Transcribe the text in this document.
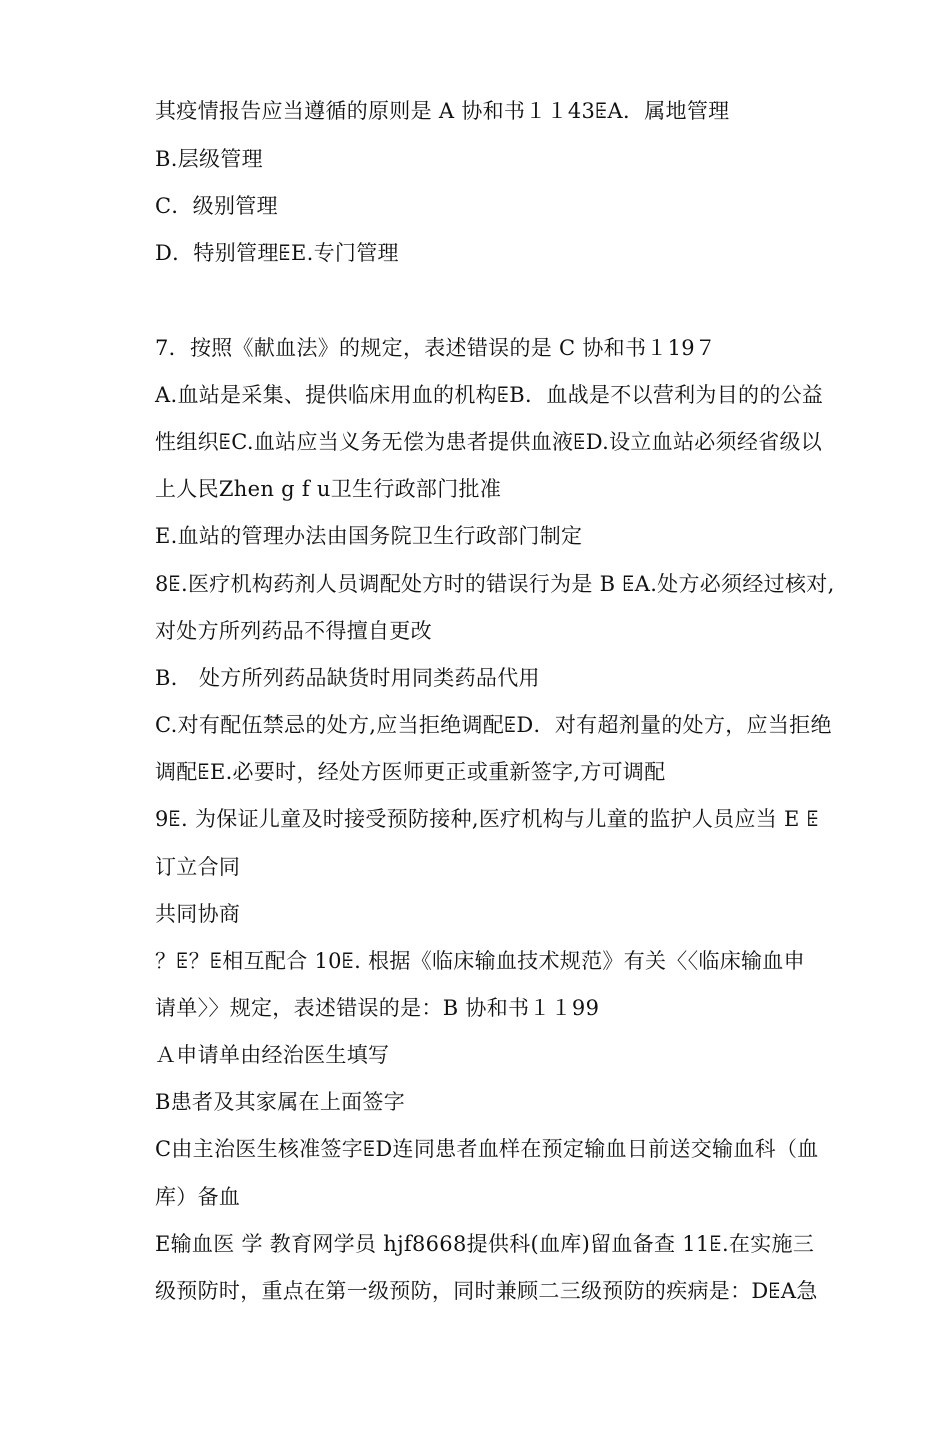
其疫情报告应当遵循的原则是 A 协和书１１43ꗍA．属地管理
B.层级管理
C．级别管理
D．特别管理ꗍE.专门管理
7．按照《献血法》的规定，表述错误的是 C 协和书１19７
A.血站是采集、提供临床用血的机构ꗍB．血战是不以营利为目的的公益
性组织ꗍC.血站应当义务无偿为患者提供血液ꗍD.设立血站必须经省级以
上人民Zhen g f u卫生行政部门批准
E.血站的管理办法由国务院卫生行政部门制定
8ꗍ.医疗机构药剂人员调配处方时的错误行为是 B ꗍA.处方必须经过核对,
对处方所列药品不得擅自更改
B． 处方所列药品缺货时用同类药品代用
C.对有配伍禁忌的处方,应当拒绝调配ꗍD．对有超剂量的处方，应当拒绝
调配ꗍE.必要时，经处方医师更正或重新签字,方可调配
9ꗍ. 为保证儿童及时接受预防接种,医疗机构与儿童的监护人员应当 E ꗍ
订立合同
共同协商
？ꗍ？ꗍ相互配合 10ꗍ. 根据《临床输血技术规范》有关〈〈临床输血申
请单〉〉规定，表述错误的是：B 协和书１１99
Ａ申请单由经治医生填写
B患者及其家属在上面签字
C由主治医生核准签字ꗍD连同患者血样在预定输血日前送交输血科（血
库）备血
E输血医 学 教育网学员 hjf8668提供科(血库)留血备查 11ꗍ.在实施三
级预防时，重点在第一级预防，同时兼顾二三级预防的疾病是：DꗍA急
